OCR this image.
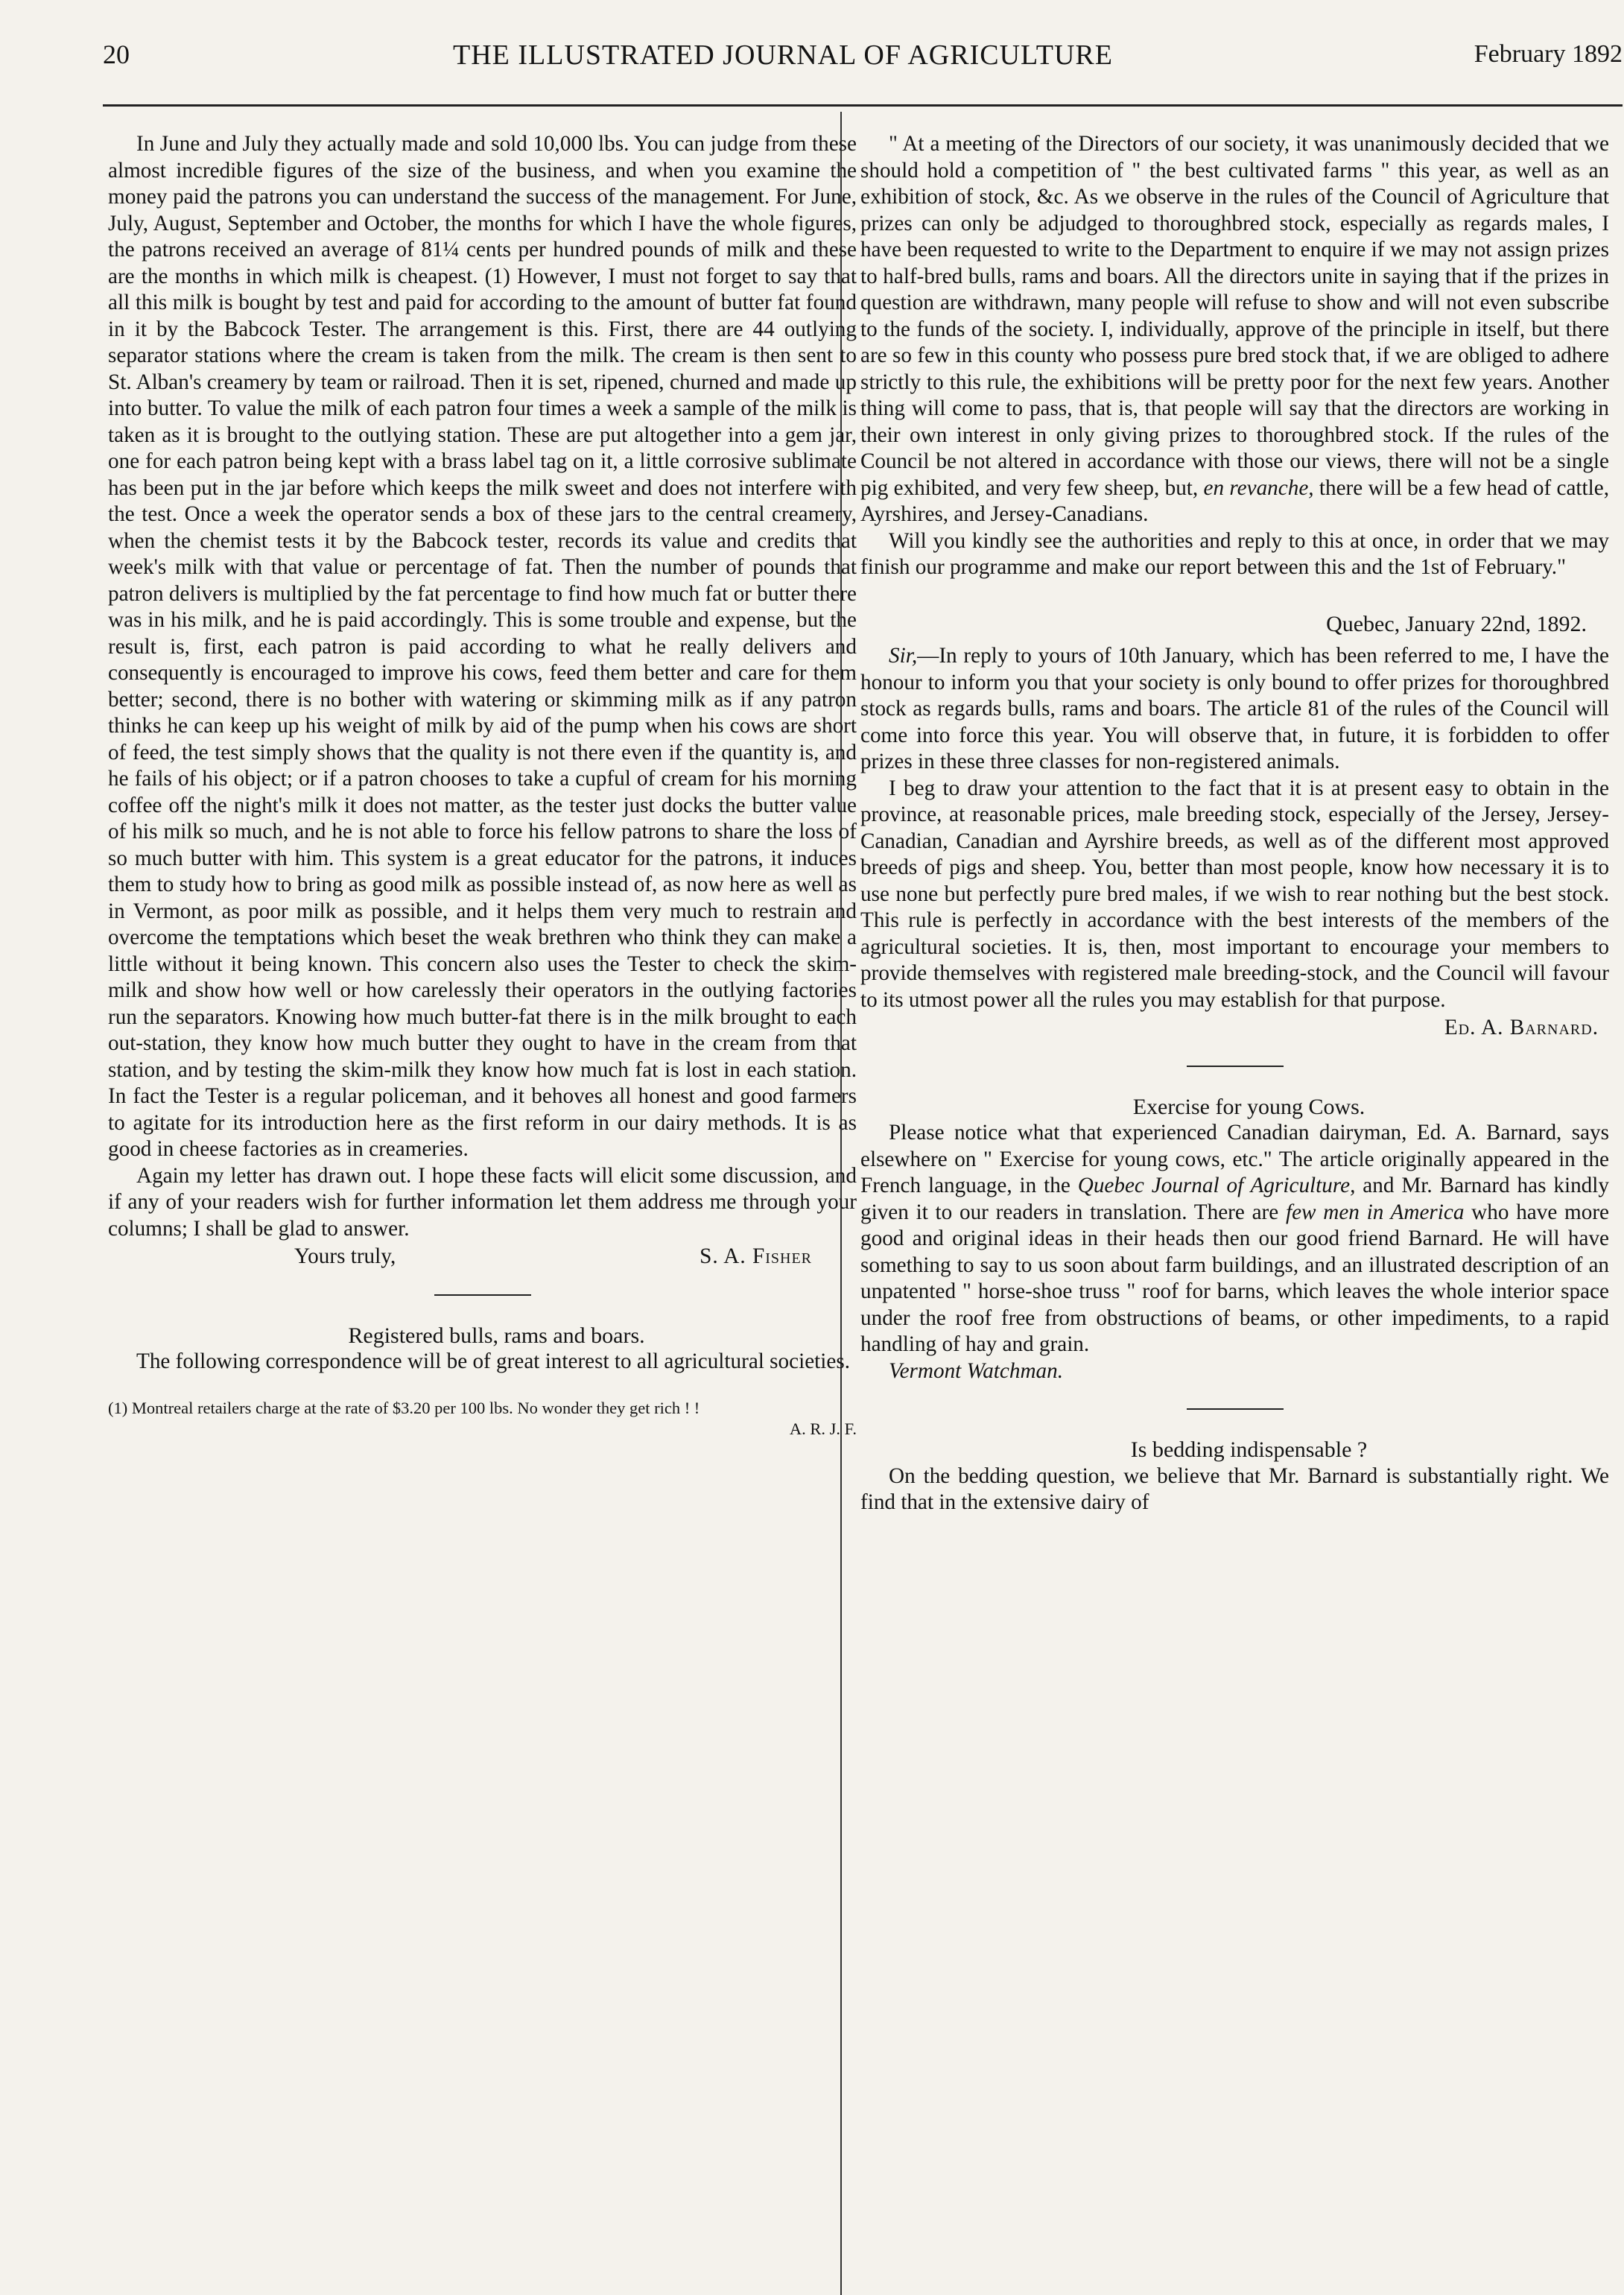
20	THE ILLUSTRATED JOURNAL OF AGRICULTURE	February 1892

In June and July they actually made and sold 10,000 lbs. You can judge from these almost incredible figures of the size of the business, and when you examine the money paid the patrons you can understand the success of the management. For June, July, August, September and October, the months for which I have the whole figures, the patrons received an average of 81¼ cents per hundred pounds of milk and these are the months in which milk is cheapest. (1) However, I must not forget to say that all this milk is bought by test and paid for according to the amount of butter fat found in it by the Babcock Tester. The arrangement is this. First, there are 44 outlying separator stations where the cream is taken from the milk. The cream is then sent to St. Alban's creamery by team or railroad. Then it is set, ripened, churned and made up into butter. To value the milk of each patron four times a week a sample of the milk is taken as it is brought to the outlying station. These are put altogether into a gem jar, one for each patron being kept with a brass label tag on it, a little corrosive sublimate has been put in the jar before which keeps the milk sweet and does not interfere with the test. Once a week the operator sends a box of these jars to the central creamery, when the chemist tests it by the Babcock tester, records its value and credits that week's milk with that value or percentage of fat. Then the number of pounds that patron delivers is multiplied by the fat percentage to find how much fat or butter there was in his milk, and he is paid accordingly. This is some trouble and expense, but the result is, first, each patron is paid according to what he really delivers and consequently is encouraged to improve his cows, feed them better and care for them better; second, there is no bother with watering or skimming milk as if any patron thinks he can keep up his weight of milk by aid of the pump when his cows are short of feed, the test simply shows that the quality is not there even if the quantity is, and he fails of his object; or if a patron chooses to take a cupful of cream for his morning coffee off the night's milk it does not matter, as the tester just docks the butter value of his milk so much, and he is not able to force his fellow patrons to share the loss of so much butter with him. This system is a great educator for the patrons, it induces them to study how to bring as good milk as possible instead of, as now here as well as in Vermont, as poor milk as possible, and it helps them very much to restrain and overcome the temptations which beset the weak brethren who think they can make a little without it being known. This concern also uses the Tester to check the skim-milk and show how well or how carelessly their operators in the outlying factories run the separators. Knowing how much butter-fat there is in the milk brought to each out-station, they know how much butter they ought to have in the cream from that station, and by testing the skim-milk they know how much fat is lost in each station. In fact the Tester is a regular policeman, and it behoves all honest and good farmers to agitate for its introduction here as the first reform in our dairy methods. It is as good in cheese factories as in creameries.

Again my letter has drawn out. I hope these facts will elicit some discussion, and if any of your readers wish for further information let them address me through your columns; I shall be glad to answer.

Yours truly,	S. A. Fisher

Registered bulls, rams and boars.

The following correspondence will be of great interest to all agricultural societies.

(1) Montreal retailers charge at the rate of $3.20 per 100 lbs. No wonder they get rich ! !
A. R. J. F.

" At a meeting of the Directors of our society, it was unanimously decided that we should hold a competition of " the best cultivated farms " this year, as well as an exhibition of stock, &c. As we observe in the rules of the Council of Agriculture that prizes can only be adjudged to thoroughbred stock, especially as regards males, I have been requested to write to the Department to enquire if we may not assign prizes to half-bred bulls, rams and boars. All the directors unite in saying that if the prizes in question are withdrawn, many people will refuse to show and will not even subscribe to the funds of the society. I, individually, approve of the principle in itself, but there are so few in this county who possess pure bred stock that, if we are obliged to adhere strictly to this rule, the exhibitions will be pretty poor for the next few years. Another thing will come to pass, that is, that people will say that the directors are working in their own interest in only giving prizes to thoroughbred stock. If the rules of the Council be not altered in accordance with those our views, there will not be a single pig exhibited, and very few sheep, but, en revanche, there will be a few head of cattle, Ayrshires, and Jersey-Canadians.

Will you kindly see the authorities and reply to this at once, in order that we may finish our programme and make our report between this and the 1st of February."

Quebec, January 22nd, 1892.

Sir,—In reply to yours of 10th January, which has been referred to me, I have the honour to inform you that your society is only bound to offer prizes for thoroughbred stock as regards bulls, rams and boars. The article 81 of the rules of the Council will come into force this year. You will observe that, in future, it is forbidden to offer prizes in these three classes for non-registered animals.

I beg to draw your attention to the fact that it is at present easy to obtain in the province, at reasonable prices, male breeding stock, especially of the Jersey, Jersey-Canadian, Canadian and Ayrshire breeds, as well as of the different most approved breeds of pigs and sheep. You, better than most people, know how necessary it is to use none but perfectly pure bred males, if we wish to rear nothing but the best stock. This rule is perfectly in accordance with the best interests of the members of the agricultural societies. It is, then, most important to encourage your members to provide themselves with registered male breeding-stock, and the Council will favour to its utmost power all the rules you may establish for that purpose.

Ed. A. Barnard.

Exercise for young Cows.

Please notice what that experienced Canadian dairyman, Ed. A. Barnard, says elsewhere on " Exercise for young cows, etc." The article originally appeared in the French language, in the Quebec Journal of Agriculture, and Mr. Barnard has kindly given it to our readers in translation. There are few men in America who have more good and original ideas in their heads then our good friend Barnard. He will have something to say to us soon about farm buildings, and an illustrated description of an unpatented " horse-shoe truss " roof for barns, which leaves the whole interior space under the roof free from obstructions of beams, or other impediments, to a rapid handling of hay and grain.

Vermont Watchman.

Is bedding indispensable ?

On the bedding question, we believe that Mr. Barnard is substantially right. We find that in the extensive dairy of
